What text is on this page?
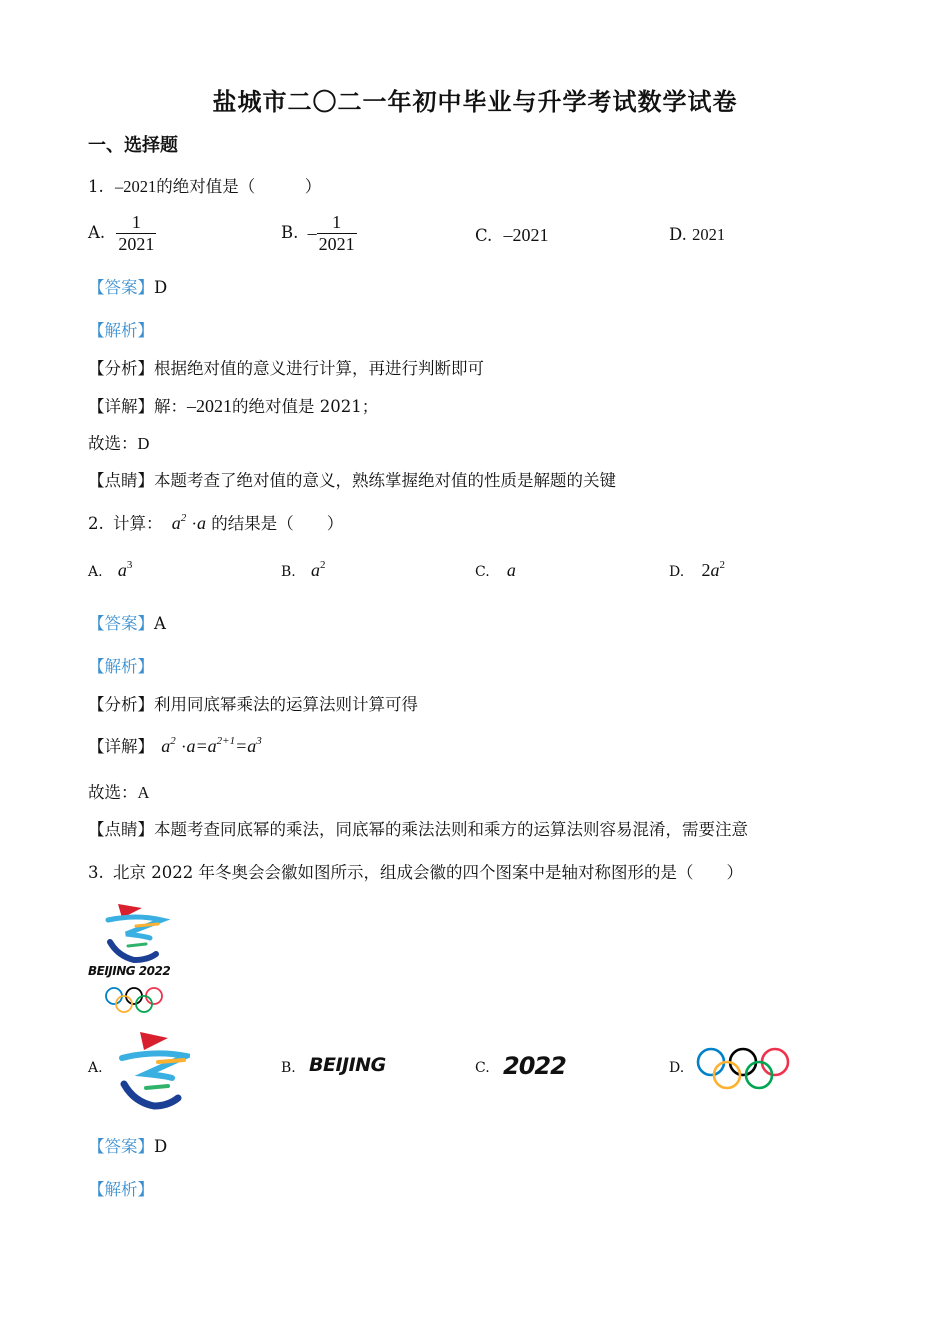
盐城市二〇二一年初中毕业与升学考试数学试卷
一、选择题
1. –2021的绝对值是（　　　）
A. $\frac{1}{2021}$	B. – $\frac{1}{2021}$	C. –2021	D. 2021
【答案】D
【解析】
【分析】根据绝对值的意义进行计算，再进行判断即可
【详解】解：–2021的绝对值是 2021；
故选：D
【点睛】本题考查了绝对值的意义，熟练掌握绝对值的性质是解题的关键
2. 计算： $a^2 \cdot a$ 的结果是（　　）
A. $a^3$	B. $a^2$	C. a	D. $2a^2$
【答案】A
【解析】
【分析】利用同底幂乘法的运算法则计算可得
【详解】 $a^2 \cdot a=a^{2+1}=a^3$
故选：A
【点睛】本题考查同底幂的乘法，同底幂的乘法法则和乘方的运算法则容易混淆，需要注意
3. 北京 2022 年冬奥会会徽如图所示，组成会徽的四个图案中是轴对称图形的是（　　）
BEIJING 2022
A.	B. BEIJING	C. 2022	D.
【答案】D
【解析】
